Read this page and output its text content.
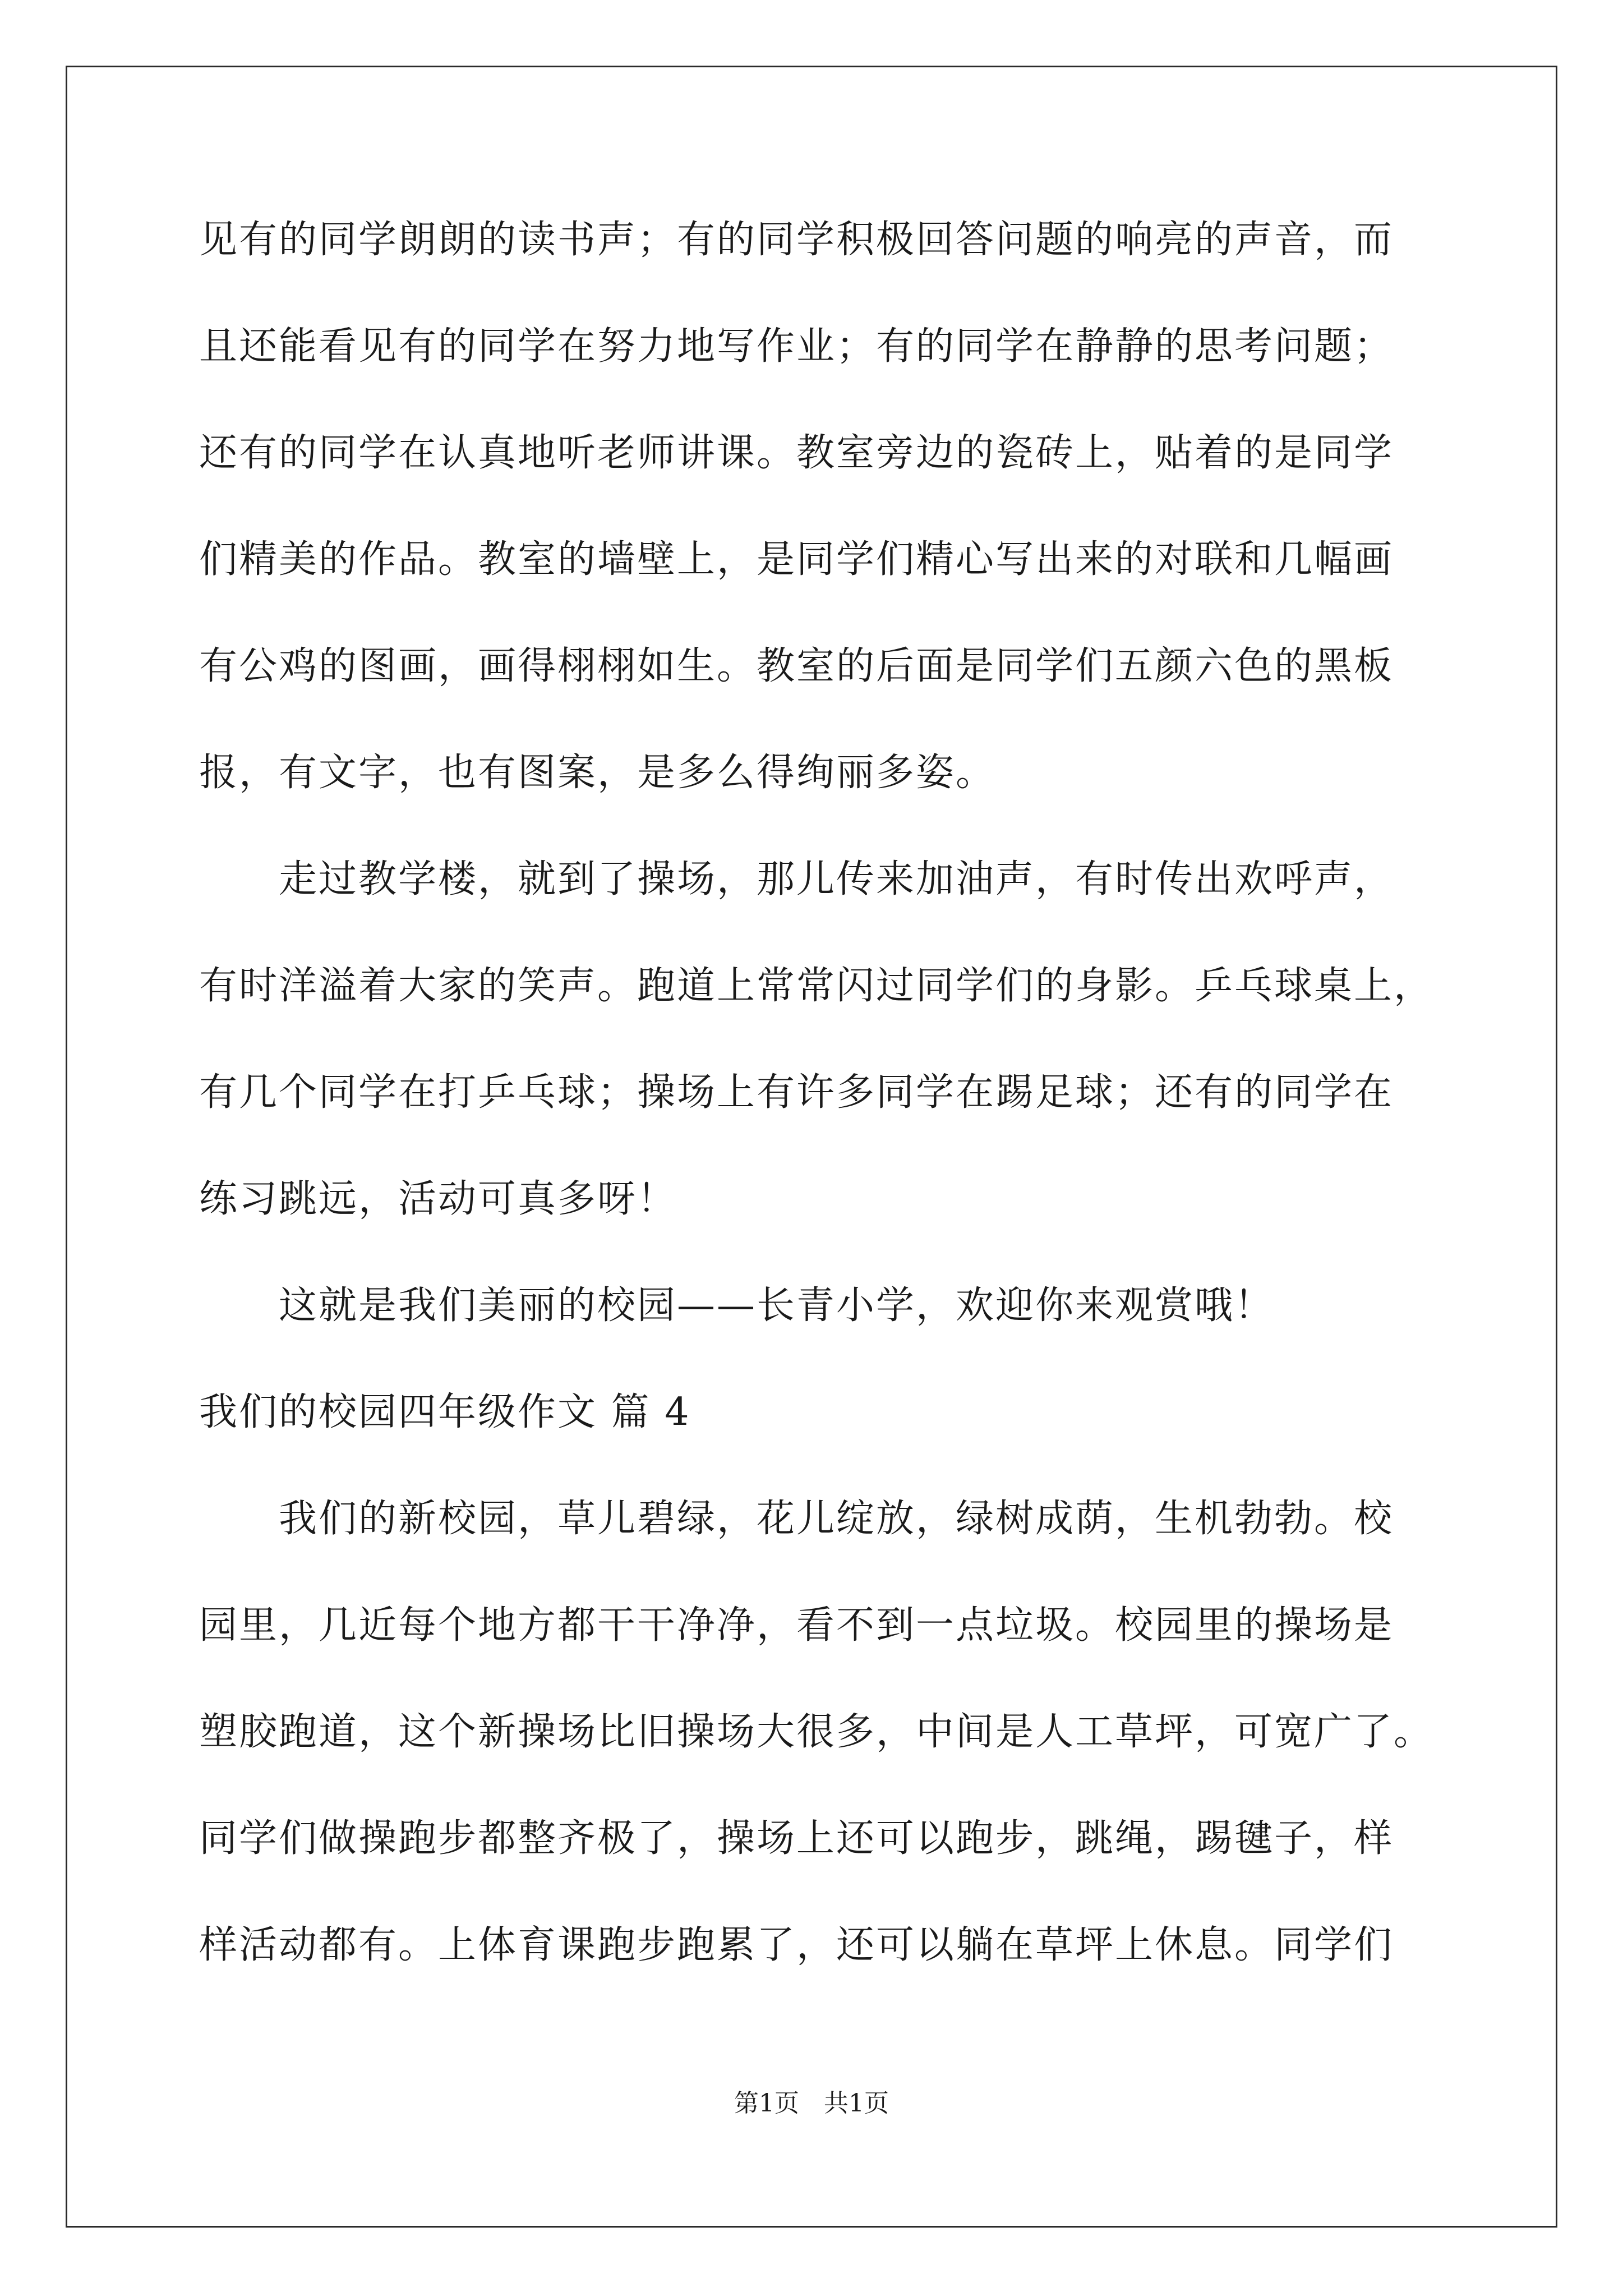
见有的同学朗朗的读书声；有的同学积极回答问题的响亮的声音，而
且还能看见有的同学在努力地写作业；有的同学在静静的思考问题；
还有的同学在认真地听老师讲课。教室旁边的瓷砖上，贴着的是同学
们精美的作品。教室的墙壁上，是同学们精心写出来的对联和几幅画
有公鸡的图画，画得栩栩如生。教室的后面是同学们五颜六色的黑板
报，有文字，也有图案，是多么得绚丽多姿。
　　走过教学楼，就到了操场，那儿传来加油声，有时传出欢呼声，
有时洋溢着大家的笑声。跑道上常常闪过同学们的身影。乒乓球桌上，
有几个同学在打乒乓球；操场上有许多同学在踢足球；还有的同学在
练习跳远，活动可真多呀！
　　这就是我们美丽的校园——长青小学，欢迎你来观赏哦！
我们的校园四年级作文 篇 4
　　我们的新校园，草儿碧绿，花儿绽放，绿树成荫，生机勃勃。校
园里，几近每个地方都干干净净，看不到一点垃圾。校园里的操场是
塑胶跑道，这个新操场比旧操场大很多，中间是人工草坪，可宽广了。
同学们做操跑步都整齐极了，操场上还可以跑步，跳绳，踢毽子，样
样活动都有。上体育课跑步跑累了，还可以躺在草坪上休息。同学们
第1页　共1页
